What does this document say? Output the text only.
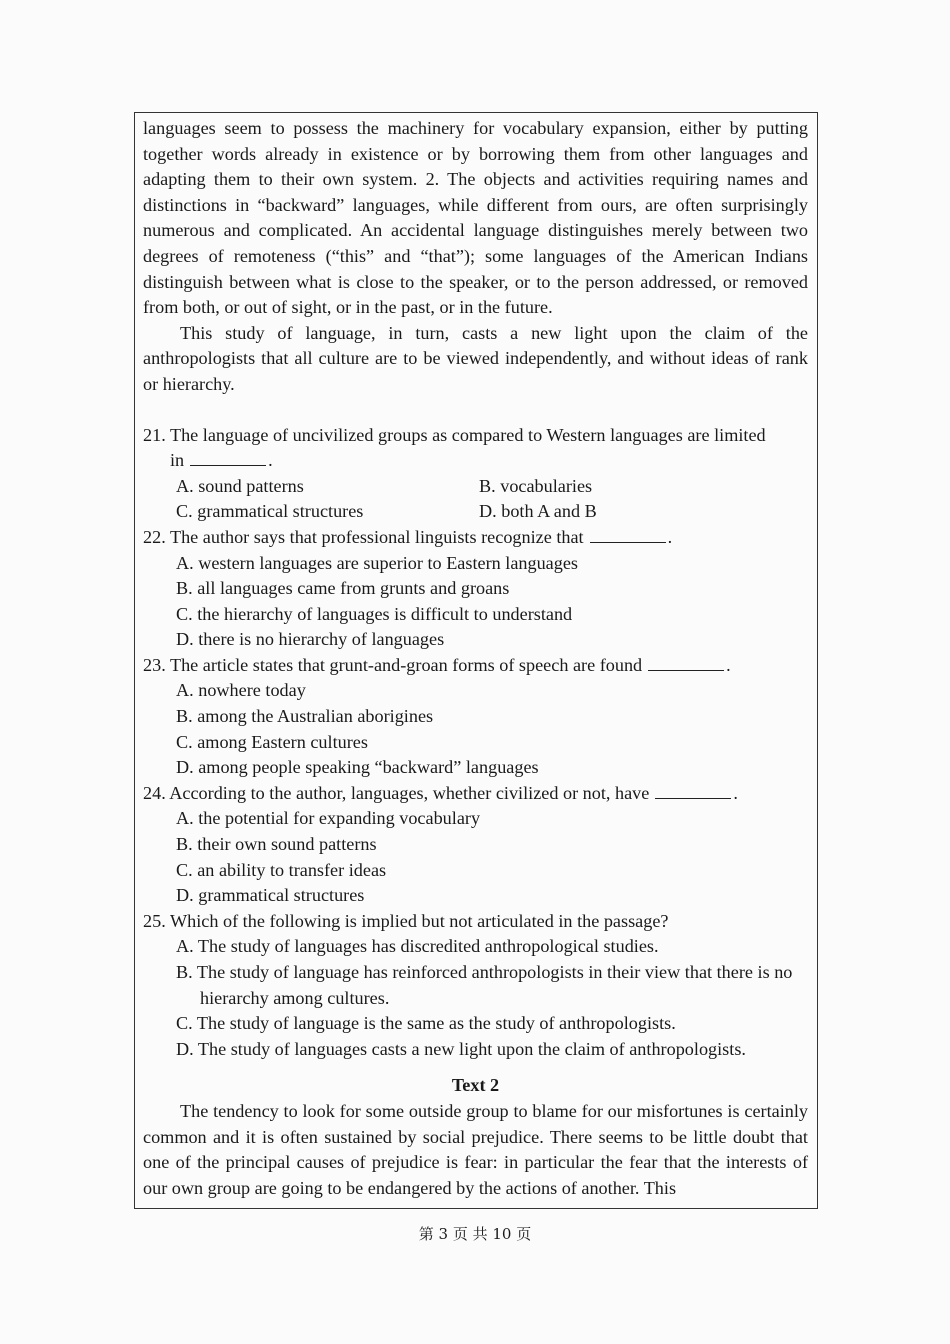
languages seem to possess the machinery for vocabulary expansion, either by putting together words already in existence or by borrowing them from other languages and adapting them to their own system. 2. The objects and activities requiring names and distinctions in “backward” languages, while different from ours, are often surprisingly numerous and complicated. An accidental language distinguishes merely between two degrees of remoteness (“this” and “that”); some languages of the American Indians distinguish between what is close to the speaker, or to the person addressed, or removed from both, or out of sight, or in the past, or in the future.

This study of language, in turn, casts a new light upon the claim of the anthropologists that all culture are to be viewed independently, and without ideas of rank or hierarchy.

21. The language of uncivilized groups as compared to Western languages are limited
in	.
A. sound patterns	B. vocabularies
C. grammatical structures	D. both A and B
22. The author says that professional linguists recognize that	.
A. western languages are superior to Eastern languages
B. all languages came from grunts and groans
C. the hierarchy of languages is difficult to understand
D. there is no hierarchy of languages
23. The article states that grunt-and-groan forms of speech are found	.
A. nowhere today
B. among the Australian aborigines
C. among Eastern cultures
D. among people speaking “backward” languages
24. According to the author, languages, whether civilized or not, have	.
A. the potential for expanding vocabulary
B. their own sound patterns
C. an ability to transfer ideas
D. grammatical structures
25. Which of the following is implied but not articulated in the passage?
A. The study of languages has discredited anthropological studies.
B. The study of language has reinforced anthropologists in their view that there is no hierarchy among cultures.
C. The study of language is the same as the study of anthropologists.
D. The study of languages casts a new light upon the claim of anthropologists.
Text 2

The tendency to look for some outside group to blame for our misfortunes is certainly common and it is often sustained by social prejudice. There seems to be little doubt that one of the principal causes of prejudice is fear: in particular the fear that the interests of our own group are going to be endangered by the actions of another. This

第 3 页 共 10 页
